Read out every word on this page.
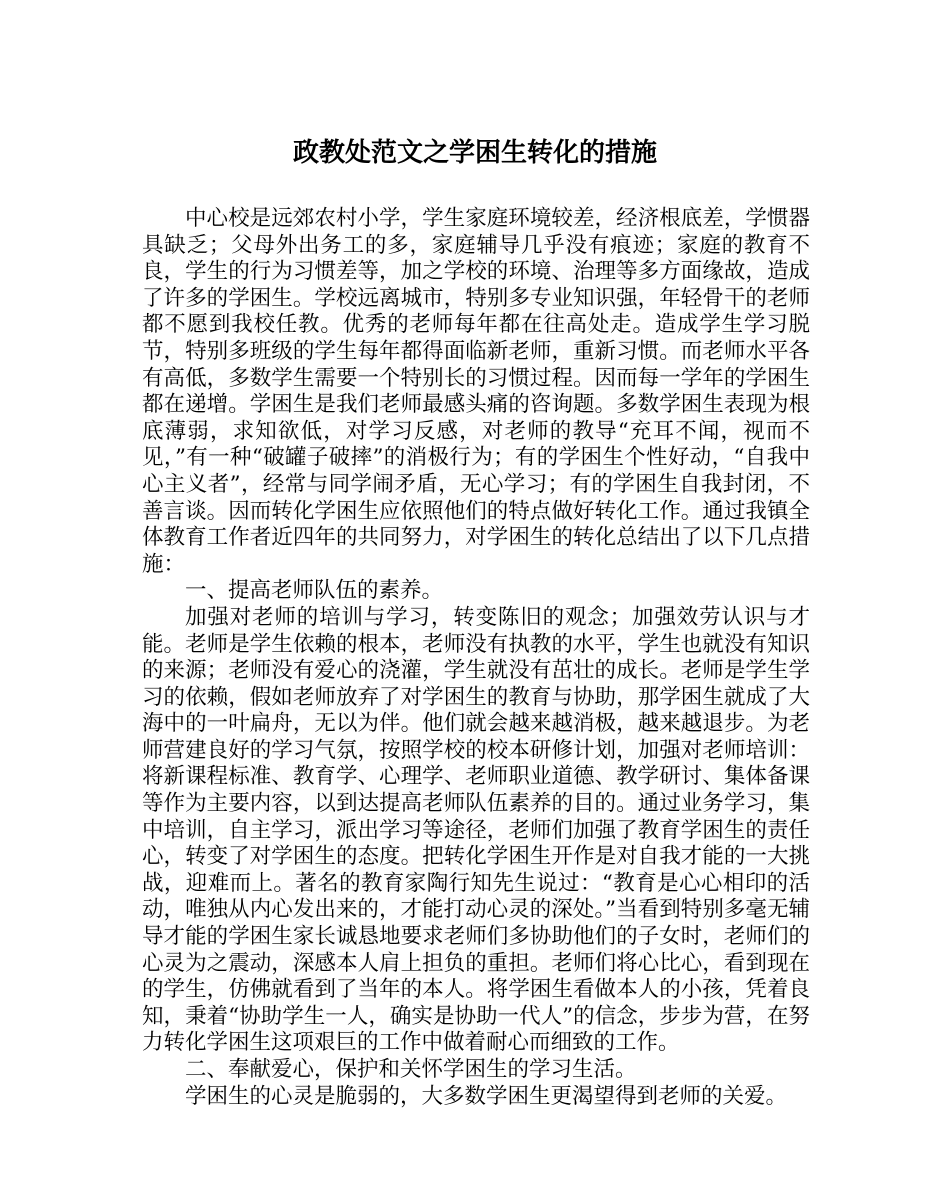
政教处范文之学困生转化的措施

中心校是远郊农村小学，学生家庭环境较差，经济根底差，学惯器具缺乏；父母外出务工的多，家庭辅导几乎没有痕迹；家庭的教育不良，学生的行为习惯差等，加之学校的环境、治理等多方面缘故，造成了许多的学困生。学校远离城市，特别多专业知识强，年轻骨干的老师都不愿到我校任教。优秀的老师每年都在往高处走。造成学生学习脱节，特别多班级的学生每年都得面临新老师，重新习惯。而老师水平各有高低，多数学生需要一个特别长的习惯过程。因而每一学年的学困生都在递增。学困生是我们老师最感头痛的咨询题。多数学困生表现为根底薄弱，求知欲低，对学习反感，对老师的教导“充耳不闻，视而不见，”有一种“破罐子破摔”的消极行为；有的学困生个性好动，“自我中心主义者”，经常与同学闹矛盾，无心学习；有的学困生自我封闭，不善言谈。因而转化学困生应依照他们的特点做好转化工作。通过我镇全体教育工作者近四年的共同努力，对学困生的转化总结出了以下几点措施：

一、提高老师队伍的素养。

加强对老师的培训与学习，转变陈旧的观念；加强效劳认识与才能。老师是学生依赖的根本，老师没有执教的水平，学生也就没有知识的来源；老师没有爱心的浇灌，学生就没有茁壮的成长。老师是学生学习的依赖，假如老师放弃了对学困生的教育与协助，那学困生就成了大海中的一叶扁舟，无以为伴。他们就会越来越消极，越来越退步。为老师营建良好的学习气氛，按照学校的校本研修计划，加强对老师培训：将新课程标准、教育学、心理学、老师职业道德、教学研讨、集体备课等作为主要内容，以到达提高老师队伍素养的目的。通过业务学习，集中培训，自主学习，派出学习等途径，老师们加强了教育学困生的责任心，转变了对学困生的态度。把转化学困生开作是对自我才能的一大挑战，迎难而上。著名的教育家陶行知先生说过：“教育是心心相印的活动，唯独从内心发出来的，才能打动心灵的深处。”当看到特别多毫无辅导才能的学困生家长诚恳地要求老师们多协助他们的子女时，老师们的心灵为之震动，深感本人肩上担负的重担。老师们将心比心，看到现在的学生，仿佛就看到了当年的本人。将学困生看做本人的小孩，凭着良知，秉着“协助学生一人，确实是协助一代人”的信念，步步为营，在努力转化学困生这项艰巨的工作中做着耐心而细致的工作。

二、奉献爱心，保护和关怀学困生的学习生活。

学困生的心灵是脆弱的，大多数学困生更渴望得到老师的关爱。
